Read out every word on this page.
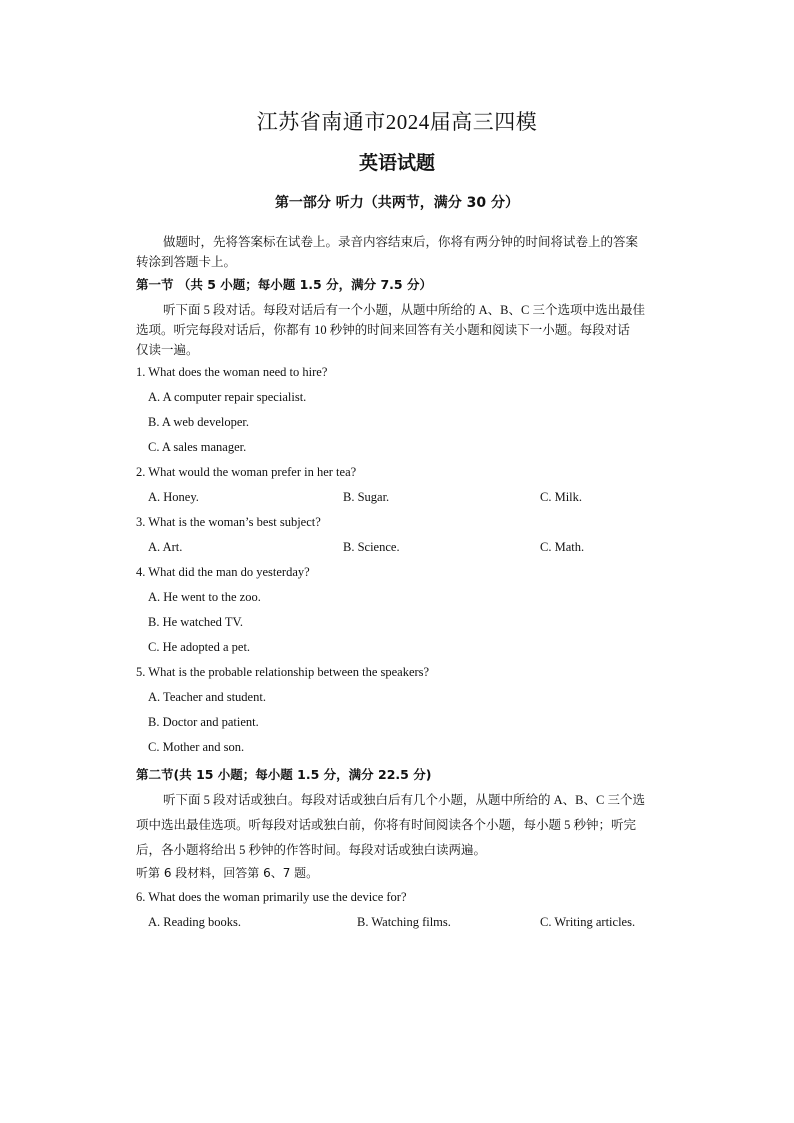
江苏省南通市2024届高三四模
英语试题
第一部分 听力（共两节，满分 30 分）
做题时，先将答案标在试卷上。录音内容结束后，你将有两分钟的时间将试卷上的答案
转涂到答题卡上。
第一节 （共 5 小题；每小题 1.5 分，满分 7.5 分）
听下面 5 段对话。每段对话后有一个小题，从题中所给的 A、B、C 三个选项中选出最佳
选项。听完每段对话后，你都有 10 秒钟的时间来回答有关小题和阅读下一小题。每段对话
仅读一遍。
1. What does the woman need to hire?
A. A computer repair specialist.
B. A web developer.
C. A sales manager.
2. What would the woman prefer in her tea?
A. Honey.	B. Sugar.	C. Milk.
3. What is the woman’s best subject?
A. Art.	B. Science.	C. Math.
4. What did the man do yesterday?
A. He went to the zoo.
B. He watched TV.
C. He adopted a pet.
5. What is the probable relationship between the speakers?
A. Teacher and student.
B. Doctor and patient.
C. Mother and son.
第二节(共 15 小题；每小题 1.5 分，满分 22.5 分)
听下面 5 段对话或独白。每段对话或独白后有几个小题，从题中所给的 A、B、C 三个选
项中选出最佳选项。听每段对话或独白前，你将有时间阅读各个小题，每小题 5 秒钟；听完
后，各小题将给出 5 秒钟的作答时间。每段对话或独白读两遍。
听第 6 段材料，回答第 6、7 题。
6. What does the woman primarily use the device for?
A. Reading books.	B. Watching films.	C. Writing articles.
